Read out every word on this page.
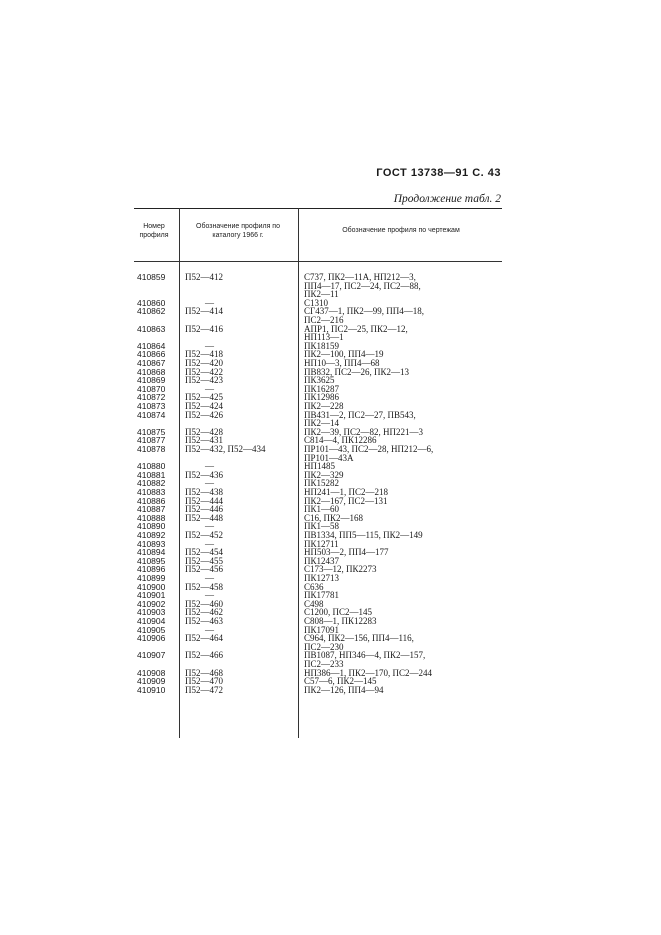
ГОСТ 13738—91 С. 43
Продолжение табл. 2
Номер профиля
Обозначение профиля по каталогу 1966 г.
Обозначение профиля по чертежам
410859	П52—412	С737, ПК2—11А, НП212—3,
ПП4—17, ПС2—24, ПС2—88,
ПК2—11
410860	—	С1310
410862	П52—414	СГ437—1, ПК2—99, ПП4—18,
ПС2—216
410863	П52—416	АПР1, ПС2—25, ПК2—12,
НП113—1
410864	—	ПК18159
410866	П52—418	ПК2—100, ПП4—19
410867	П52—420	НП10—3, ПП4—68
410868	П52—422	ПВ832, ПС2—26, ПК2—13
410869	П52—423	ПК3625
410870	—	ПК16287
410872	П52—425	ПК12986
410873	П52—424	ПК2—228
410874	П52—426	ПВ431—2, ПС2—27, ПВ543,
ПК2—14
410875	П52—428	ПК2—39, ПС2—82, НП221—3
410877	П52—431	С814—4, ПК12286
410878	П52—432, П52—434	ПР101—43, ПС2—28, НП212—6,
ПР101—43А
410880	—	НП1485
410881	П52—436	ПК2—329
410882	—	ПК15282
410883	П52—438	НП241—1, ПС2—218
410886	П52—444	ПК2—167, ПС2—131
410887	П52—446	ПК1—60
410888	П52—448	С16, ПК2—168
410890	—	ПК1—58
410892	П52—452	ПВ1334, ПП5—115, ПК2—149
410893	—	ПК12711
410894	П52—454	НП503—2, ПП4—177
410895	П52—455	ПК12437
410896	П52—456	С173—12, ПК2273
410899	—	ПК12713
410900	П52—458	С636
410901	—	ПК17781
410902	П52—460	С498
410903	П52—462	С1200, ПС2—145
410904	П52—463	С808—1, ПК12283
410905	—	ПК17091
410906	П52—464	С964, ПК2—156, ПП4—116,
ПС2—230
410907	П52—466	ПВ1087, НП346—4, ПК2—157,
ПС2—233
410908	П52—468	НП386—1, ПК2—170, ПС2—244
410909	П52—470	С57—6, ПК2—145
410910	П52—472	ПК2—126, ПП4—94
